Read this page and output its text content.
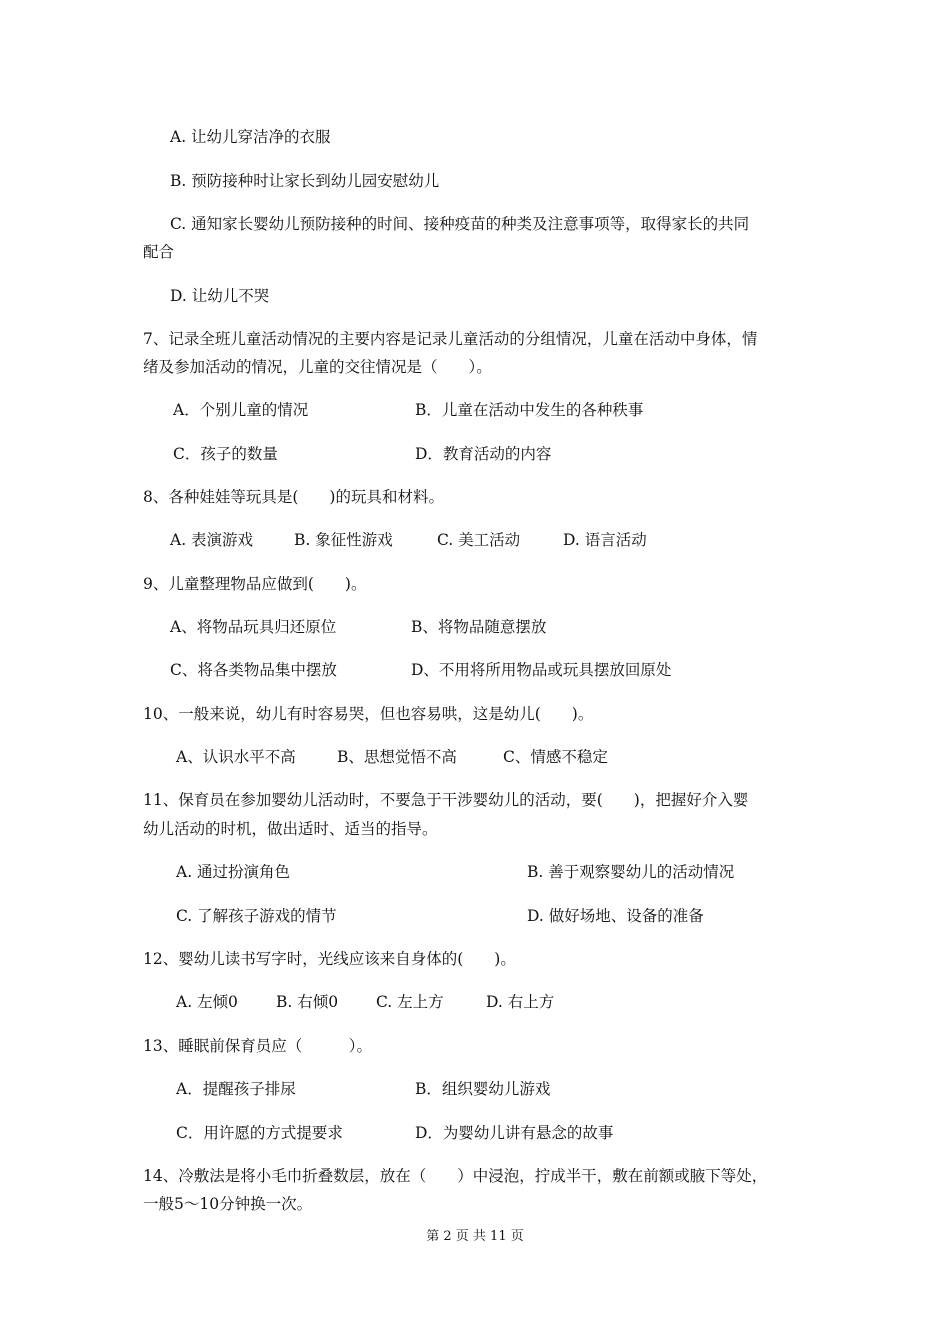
A. 让幼儿穿洁净的衣服
B. 预防接种时让家长到幼儿园安慰幼儿
C. 通知家长婴幼儿预防接种的时间、接种疫苗的种类及注意事项等，取得家长的共同
配合
D. 让幼儿不哭
7、记录全班儿童活动情况的主要内容是记录儿童活动的分组情况，儿童在活动中身体，情
绪及参加活动的情况，儿童的交往情况是（　　）。
A．个别儿童的情况	B．儿童在活动中发生的各种秩事
C．孩子的数量	D．教育活动的内容
8、各种娃娃等玩具是(　　)的玩具和材料。
A. 表演游戏	B. 象征性游戏	C. 美工活动	D. 语言活动
9、儿童整理物品应做到(　　)。
A、将物品玩具归还原位	B、将物品随意摆放
C、将各类物品集中摆放	D、不用将所用物品或玩具摆放回原处
10、一般来说，幼儿有时容易哭，但也容易哄，这是幼儿(　　)。
A、认识水平不高	B、思想觉悟不高	C、情感不稳定
11、保育员在参加婴幼儿活动时，不要急于干涉婴幼儿的活动，要(　　)，把握好介入婴
幼儿活动的时机，做出适时、适当的指导。
A. 通过扮演角色	B. 善于观察婴幼儿的活动情况
C. 了解孩子游戏的情节	D. 做好场地、设备的准备
12、婴幼儿读书写字时，光线应该来自身体的(　　)。
A. 左倾0 B. 右倾0 C. 左上方	D. 右上方
13、睡眠前保育员应（　　　）。
A．提醒孩子排尿	B．组织婴幼儿游戏
C．用许愿的方式提要求	D．为婴幼儿讲有悬念的故事
14、冷敷法是将小毛巾折叠数层，放在（　　）中浸泡，拧成半干，敷在前额或腋下等处，
一般5～10分钟换一次。
第 2 页 共 11 页
